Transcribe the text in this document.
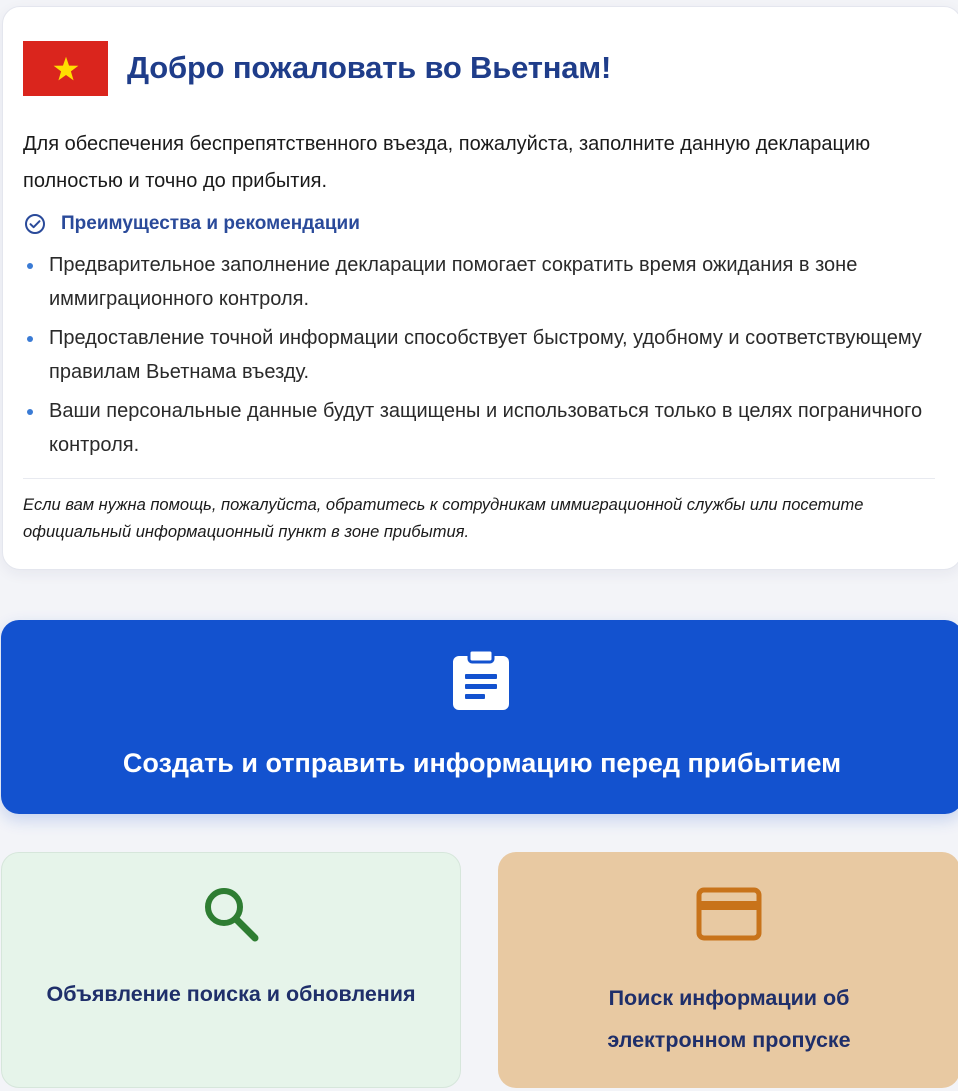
Добро пожаловать во Вьетнам!

Для обеспечения беспрепятственного въезда, пожалуйста, заполните данную декларацию полностью и точно до прибытия.

Преимущества и рекомендации
Предварительное заполнение декларации помогает сократить время ожидания в зоне иммиграционного контроля.
Предоставление точной информации способствует быстрому, удобному и соответствующему правилам Вьетнама въезду.
Ваши персональные данные будут защищены и использоваться только в целях пограничного контроля.

Если вам нужна помощь, пожалуйста, обратитесь к сотрудникам иммиграционной службы или посетите официальный информационный пункт в зоне прибытия.

Создать и отправить информацию перед прибытием
Объявление поиска и обновления	Поиск информации об
электронном пропуске
